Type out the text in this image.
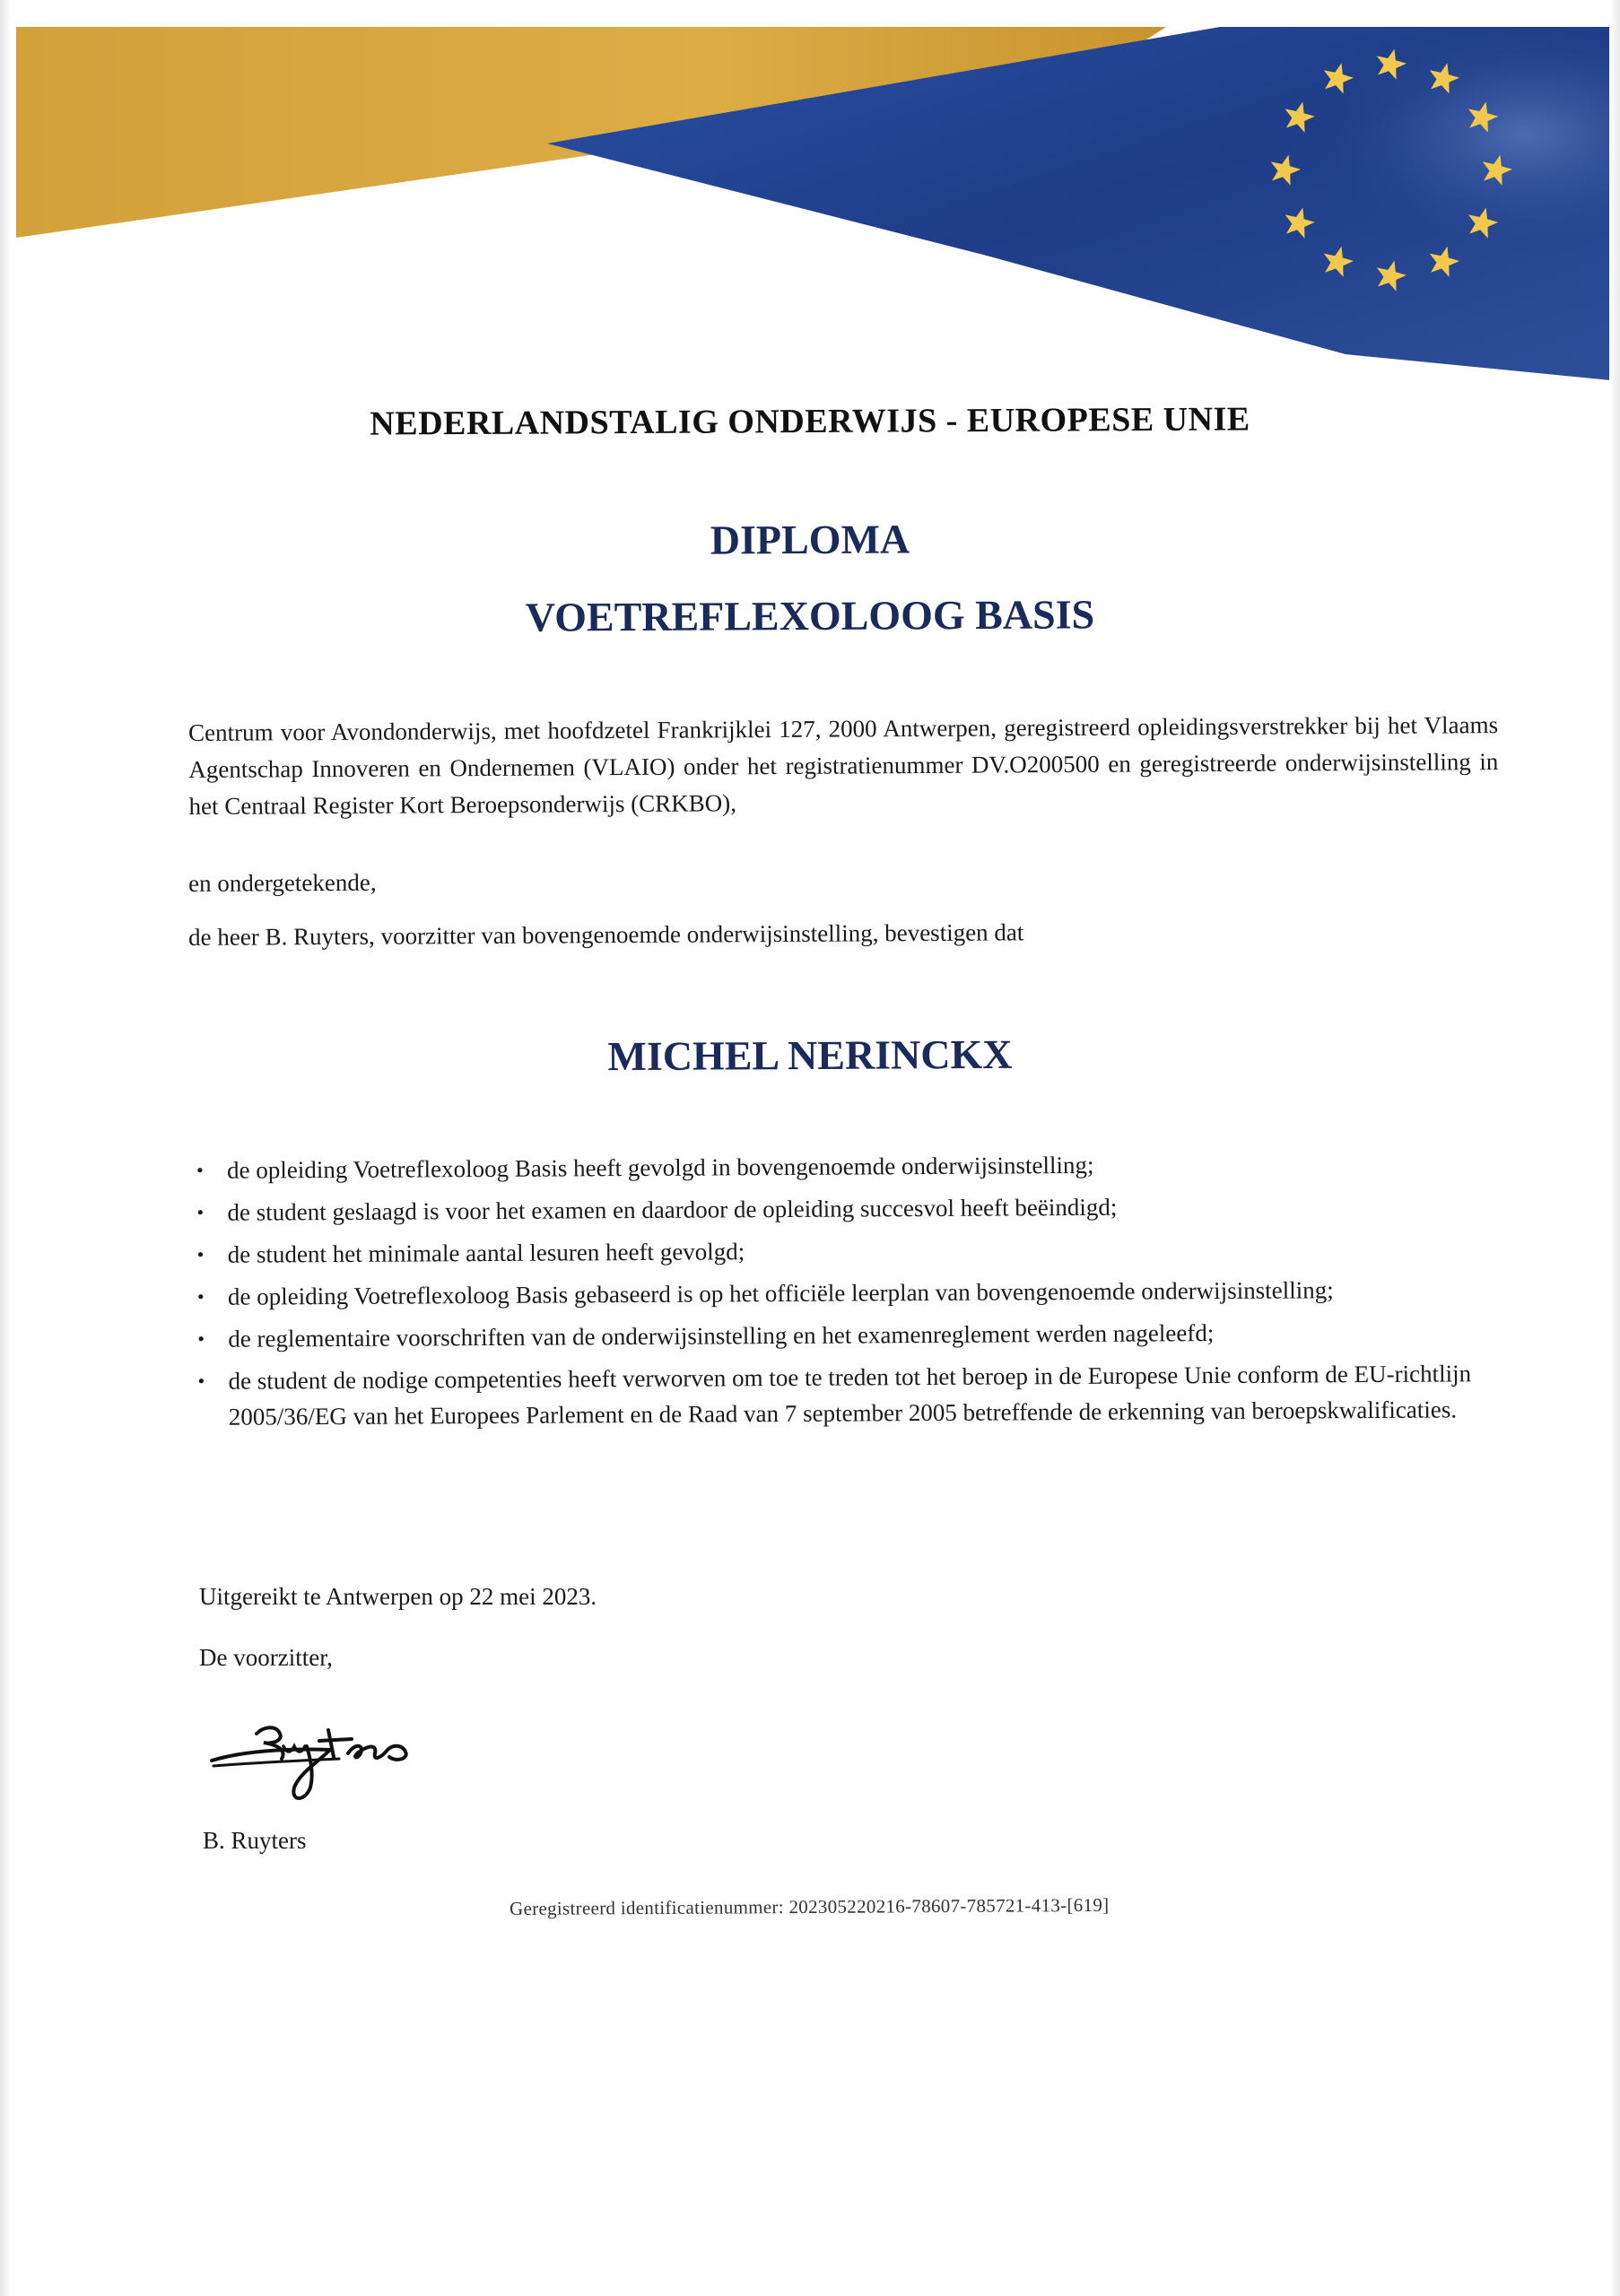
NEDERLANDSTALIG ONDERWIJS - EUROPESE UNIE
DIPLOMA
VOETREFLEXOLOOG BASIS

Centrum voor Avondonderwijs, met hoofdzetel Frankrijklei 127, 2000 Antwerpen, geregistreerd opleidingsverstrekker bij het Vlaams Agentschap Innoveren en Ondernemen (VLAIO) onder het registratienummer DV.O200500 en geregistreerde onderwijsinstelling in het Centraal Register Kort Beroepsonderwijs (CRKBO),

en ondergetekende,

de heer B. Ruyters, voorzitter van bovengenoemde onderwijsinstelling, bevestigen dat

MICHEL NERINCKX
• de opleiding Voetreflexoloog Basis heeft gevolgd in bovengenoemde onderwijsinstelling;
• de student geslaagd is voor het examen en daardoor de opleiding succesvol heeft beëindigd;
• de student het minimale aantal lesuren heeft gevolgd;
• de opleiding Voetreflexoloog Basis gebaseerd is op het officiële leerplan van bovengenoemde onderwijsinstelling;
• de reglementaire voorschriften van de onderwijsinstelling en het examenreglement werden nageleefd;
• de student de nodige competenties heeft verworven om toe te treden tot het beroep in de Europese Unie conform de EU-richtlijn 2005/36/EG van het Europees Parlement en de Raad van 7 september 2005 betreffende de erkenning van beroepskwalificaties.

Uitgereikt te Antwerpen op 22 mei 2023.

De voorzitter,

B. Ruyters

Geregistreerd identificatienummer: 202305220216-78607-785721-413-[619]
